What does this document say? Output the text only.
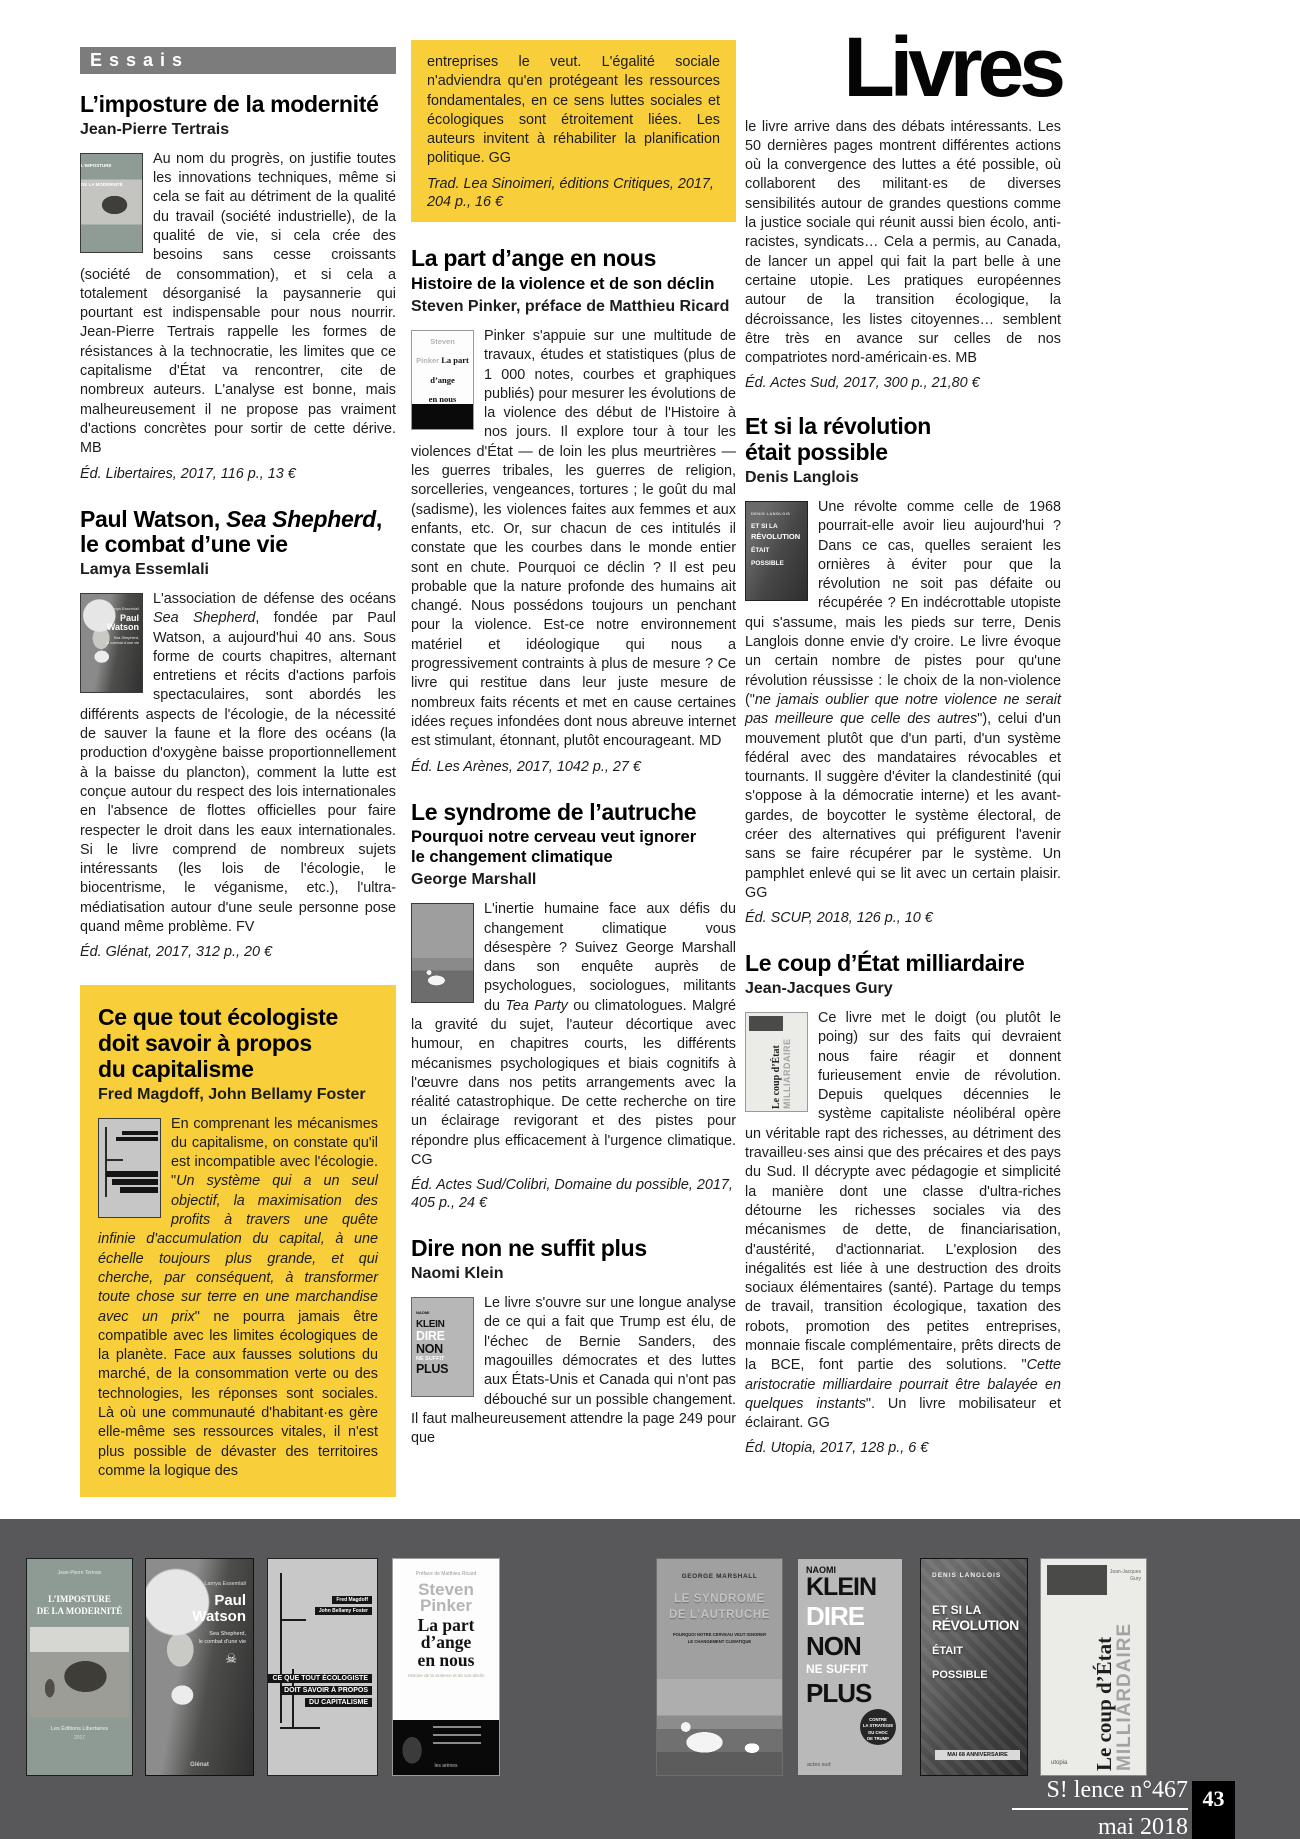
Essais
L’imposture de la modernité
Jean-Pierre Tertrais
L’IMPOSTURE
DE LA MODERNITÉ
Au nom du progrès, on justifie toutes les innovations techniques, même si cela se fait au détriment de la qualité du travail (société industrielle), de la qualité de vie, si cela crée des besoins sans cesse croissants (société de consommation), et si cela a totalement désorganisé la paysannerie qui pourtant est indispensable pour nous nourrir. Jean-Pierre Tertrais rappelle les formes de résistances à la technocratie, les limites que ce capitalisme d'État va rencontrer, cite de nombreux auteurs. L'analyse est bonne, mais malheureusement il ne propose pas vraiment d'actions concrètes pour sortir de cette dérive. MB
Éd. Libertaires, 2017, 116 p., 13 €
Paul Watson, Sea Shepherd,
le combat d’une vie
Lamya Essemlali
Lamya Essemlali
Paul
Watson
Sea Shepherd,
le combat d’une vie
L'association de défense des océans Sea Shepherd, fondée par Paul Watson, a aujourd'hui 40 ans. Sous forme de courts chapitres, alternant entretiens et récits d'actions parfois spectaculaires, sont abordés les différents aspects de l'écologie, de la nécessité de sauver la faune et la flore des océans (la production d'oxygène baisse proportionnellement à la baisse du plancton), comment la lutte est conçue autour du respect des lois internationales en l'absence de flottes officielles pour faire respecter le droit dans les eaux internationales. Si le livre comprend de nombreux sujets intéressants (les lois de l'écologie, le biocentrisme, le véganisme, etc.), l'ultra-médiatisation autour d'une seule personne pose quand même problème. FV
Éd. Glénat, 2017, 312 p., 20 €
Ce que tout écologiste
doit savoir à propos
du capitalisme
Fred Magdoff, John Bellamy Foster
En comprenant les mécanismes du capitalisme, on constate qu'il est incompatible avec l'écologie. "Un système qui a un seul objectif, la maximisation des profits à travers une quête infinie d'accumulation du capital, à une échelle toujours plus grande, et qui cherche, par conséquent, à transformer toute chose sur terre en une marchandise avec un prix" ne pourra jamais être compatible avec les limites écologiques de la planète. Face aux fausses solutions du marché, de la consommation verte ou des technologies, les réponses sont sociales. Là où une communauté d'habitant·es gère elle-même ses ressources vitales, il n'est plus possible de dévaster des territoires comme la logique des
entreprises le veut. L'égalité sociale n'adviendra qu'en protégeant les ressources fondamentales, en ce sens luttes sociales et écologiques sont étroitement liées. Les auteurs invitent à réhabiliter la planification politique. GG
Trad. Lea Sinoimeri, éditions Critiques, 2017, 204 p., 16 €
La part d’ange en nous
Histoire de la violence et de son déclin
Steven Pinker, préface de Matthieu Ricard
Steven
Pinker La part
d’ange
en nous
Pinker s'appuie sur une multitude de travaux, études et statistiques (plus de 1 000 notes, courbes et graphiques publiés) pour mesurer les évolutions de la violence des début de l'Histoire à nos jours. Il explore tour à tour les violences d'État — de loin les plus meurtrières — les guerres tribales, les guerres de religion, sorcelleries, vengeances, tortures ; le goût du mal (sadisme), les violences faites aux femmes et aux enfants, etc. Or, sur chacun de ces intitulés il constate que les courbes dans le monde entier sont en chute. Pourquoi ce déclin ? Il est peu probable que la nature profonde des humains ait changé. Nous possédons toujours un penchant pour la violence. Est-ce notre environnement matériel et idéologique qui nous a progressivement contraints à plus de mesure ? Ce livre qui restitue dans leur juste mesure de nombreux faits récents et met en cause certaines idées reçues infondées dont nous abreuve internet est stimulant, étonnant, plutôt encourageant. MD
Éd. Les Arènes, 2017, 1042 p., 27 €
Le syndrome de l’autruche
Pourquoi notre cerveau veut ignorer
le changement climatique
George Marshall
L'inertie humaine face aux défis du changement climatique vous désespère ? Suivez George Marshall dans son enquête auprès de psychologues, sociologues, militants du Tea Party ou climatologues. Malgré la gravité du sujet, l'auteur décortique avec humour, en chapitres courts, les différents mécanismes psychologiques et biais cognitifs à l'œuvre dans nos petits arrangements avec la réalité catastrophique. De cette recherche on tire un éclairage revigorant et des pistes pour répondre plus efficacement à l'urgence climatique. CG
Éd. Actes Sud/Colibri, Domaine du possible, 2017, 405 p., 24 €
Dire non ne suffit plus
Naomi Klein
NAOMI
KLEIN
DIRE
NON
NE SUFFIT
PLUS
Le livre s'ouvre sur une longue analyse de ce qui a fait que Trump est élu, de l'échec de Bernie Sanders, des magouilles démocrates et des luttes aux États-Unis et Canada qui n'ont pas débouché sur un possible changement. Il faut malheureusement attendre la page 249 pour que
Livres
le livre arrive dans des débats intéressants. Les 50 dernières pages montrent différentes actions où la convergence des luttes a été possible, où collaborent des militant·es de diverses sensibilités autour de grandes questions comme la justice sociale qui réunit aussi bien écolo, anti-racistes, syndicats… Cela a permis, au Canada, de lancer un appel qui fait la part belle à une certaine utopie. Les pratiques européennes autour de la transition écologique, la décroissance, les listes citoyennes… semblent être très en avance sur celles de nos compatriotes nord-américain·es. MB
Éd. Actes Sud, 2017, 300 p., 21,80 €
Et si la révolution
était possible
Denis Langlois
DENIS LANGLOIS
ET SI LA
RÉVOLUTION
ÉTAIT
POSSIBLE
Une révolte comme celle de 1968 pourrait-elle avoir lieu aujourd'hui ? Dans ce cas, quelles seraient les ornières à éviter pour que la révolution ne soit pas défaite ou récupérée ? En indécrottable utopiste qui s'assume, mais les pieds sur terre, Denis Langlois donne envie d'y croire. Le livre évoque un certain nombre de pistes pour qu'une révolution réussisse : le choix de la non-violence ("ne jamais oublier que notre violence ne serait pas meilleure que celle des autres"), celui d'un mouvement plutôt que d'un parti, d'un système fédéral avec des mandataires révocables et tournants. Il suggère d'éviter la clandestinité (qui s'oppose à la démocratie interne) et les avant-gardes, de boycotter le système électoral, de créer des alternatives qui préfigurent l'avenir sans se faire récupérer par le système. Un pamphlet enlevé qui se lit avec un certain plaisir. GG
Éd. SCUP, 2018, 126 p., 10 €
Le coup d’État milliardaire
Jean-Jacques Gury
Le coup d’État MILLIARDAIRE
Ce livre met le doigt (ou plutôt le poing) sur des faits qui devraient nous faire réagir et donnent furieusement envie de révolution. Depuis quelques décennies le système capitaliste néolibéral opère un véritable rapt des richesses, au détriment des travailleu·ses ainsi que des précaires et des pays du Sud. Il décrypte avec pédagogie et simplicité la manière dont une classe d'ultra-riches détourne les richesses sociales via des mécanismes de dette, de financiarisation, d'austérité, d'actionnariat. L'explosion des inégalités est liée à une destruction des droits sociaux élémentaires (santé). Partage du temps de travail, transition écologique, taxation des robots, promotion des petites entreprises, monnaie fiscale complémentaire, prêts directs de la BCE, font partie des solutions. "Cette aristocratie milliardaire pourrait être balayée en quelques instants". Un livre mobilisateur et éclairant. GG
Éd. Utopia, 2017, 128 p., 6 €
Jean-Pierre Tertrais
L’IMPOSTURE
DE LA MODERNITÉ
Les Éditions Libertaires
2017
Lamya Essemlali
Paul
Watson
Sea Shepherd,
le combat d’une vie
☠
Glénat
Fred Magdoff
John Bellamy Foster
CE QUE TOUT ÉCOLOGISTE
DOIT SAVOIR À PROPOS
DU CAPITALISME
Préface de Matthieu Ricard
Steven
Pinker
La part
d’ange
en nous
Histoire de la violence et de son déclin
les arènes
GEORGE MARSHALL
LE SYNDROME
DE L’AUTRUCHE
POURQUOI NOTRE CERVEAU VEUT IGNORER
LE CHANGEMENT CLIMATIQUE
NAOMI
KLEIN
DIRE
NON
NE SUFFIT
PLUS
CONTRE
LA STRATÉGIE
DU CHOC
DE TRUMP
actes sud
DENIS LANGLOIS
ET SI LA
RÉVOLUTION
ÉTAIT
POSSIBLE
MAI 68 ANNIVERSAIRE
Jean-Jacques
Gury
Le coup d’État
MILLIARDAIRE
utopia
S! lence n°467
mai 2018
43
